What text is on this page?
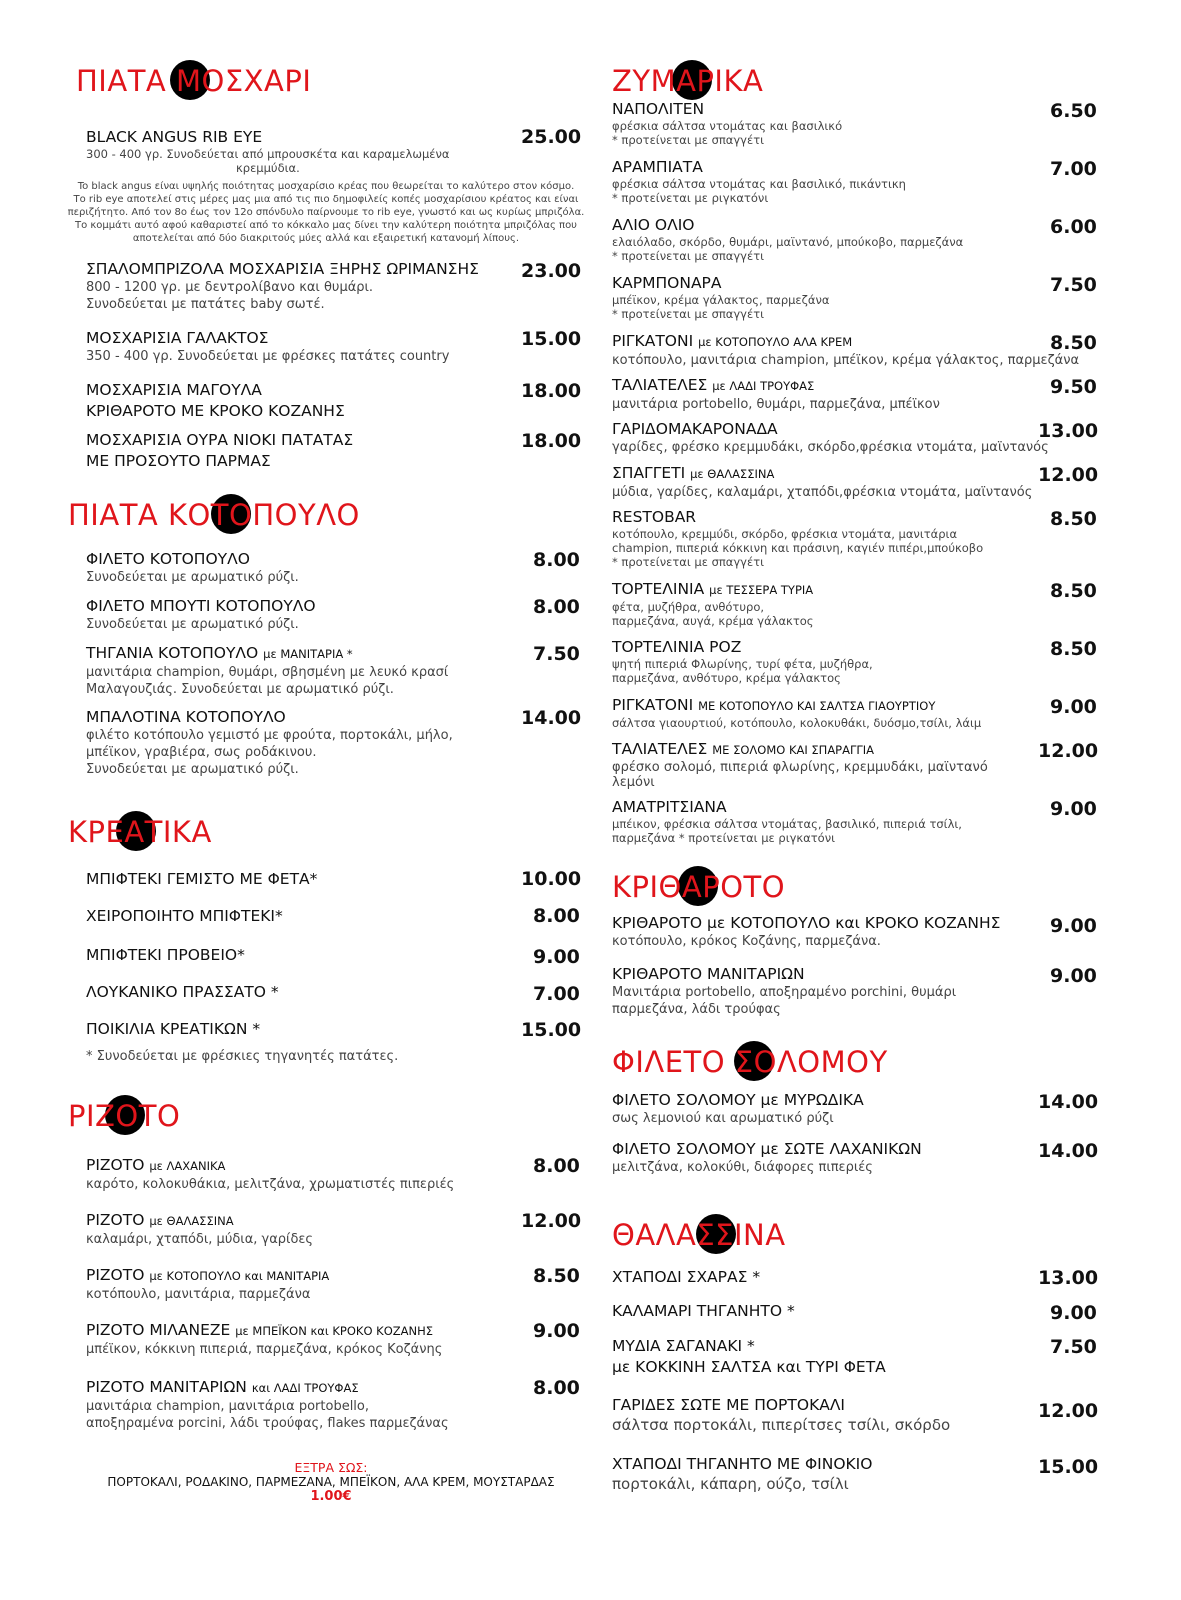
ΠΙΑΤΑ ΜΟΣΧΑΡΙ
BLACK ANGUS RIB EYE
300 - 400 γρ. Συνοδεύεται από μπρουσκέτα και καραμελωμένα
κρεμμύδια.
25.00
To black angus είναι υψηλής ποιότητας μοσχαρίσιο κρέας που θεωρείται το καλύτερο στον κόσμο.
Το rib eye αποτελεί στις μέρες μας μια από τις πιο δημοφιλείς κοπές μοσχαρίσιου κρέατος και είναι
περιζήτητο. Από τον 8ο έως τον 12ο σπόνδυλο παίρνουμε το rib eye, γνωστό και ως κυρίως μπριζόλα.
Το κομμάτι αυτό αφού καθαριστεί από το κόκκαλο μας δίνει την καλύτερη ποιότητα μπριζόλας που
αποτελείται από δύο διακριτούς μύες αλλά και εξαιρετική κατανομή λίπους.
ΣΠΑΛΟΜΠΡΙΖΟΛΑ ΜΟΣΧΑΡΙΣΙΑ ΞΗΡΗΣ ΩΡΙΜΑΝΣΗΣ
800 - 1200 γρ. με δεντρολίβανο και θυμάρι.
Συνοδεύεται με πατάτες baby σωτέ.
23.00
ΜΟΣΧΑΡΙΣΙΑ ΓΑΛΑΚΤΟΣ
350 - 400 γρ. Συνοδεύεται με φρέσκες πατάτες country
15.00
ΜΟΣΧΑΡΙΣΙΑ ΜΑΓΟΥΛΑ
ΚΡΙΘΑΡΟΤΟ ΜΕ ΚΡΟΚΟ ΚΟΖΑΝΗΣ
18.00
ΜΟΣΧΑΡΙΣΙΑ ΟΥΡΑ ΝΙΟΚΙ ΠΑΤΑΤΑΣ
ΜΕ ΠΡΟΣΟΥΤΟ ΠΑΡΜΑΣ
18.00
ΠΙΑΤΑ ΚΟΤΟΠΟΥΛΟ
ΦΙΛΕΤΟ ΚΟΤΟΠΟΥΛΟ
Συνοδεύεται με αρωματικό ρύζι.
8.00
ΦΙΛΕΤΟ ΜΠΟΥΤΙ ΚΟΤΟΠΟΥΛΟ
Συνοδεύεται με αρωματικό ρύζι.
8.00
ΤΗΓΑΝΙΑ ΚΟΤΟΠΟΥΛΟ με ΜΑΝΙΤΑΡΙΑ *
μανιτάρια champion, θυμάρι, σβησμένη με λευκό κρασί
Μαλαγουζιάς. Συνοδεύεται με αρωματικό ρύζι.
7.50
ΜΠΑΛΟΤΙΝΑ ΚΟΤΟΠΟΥΛΟ
φιλέτο κοτόπουλο γεμιστό με φρούτα, πορτοκάλι, μήλο,
μπέϊκον, γραβιέρα, σως ροδάκινου.
Συνοδεύεται με αρωματικό ρύζι.
14.00
ΚΡΕΑΤΙΚΑ
ΜΠΙΦΤΕΚΙ ΓΕΜΙΣΤΟ ΜΕ ΦΕΤΑ*	10.00
ΧΕΙΡΟΠΟΙΗΤΟ ΜΠΙΦΤΕΚΙ*	8.00
ΜΠΙΦΤΕΚΙ ΠΡΟΒΕΙΟ*	9.00
ΛΟΥΚΑΝΙΚΟ ΠΡΑΣΣΑΤΟ *	7.00
ΠΟΙΚΙΛΙΑ ΚΡΕΑΤΙΚΩΝ *	15.00
* Συνοδεύεται με φρέσκιες τηγανητές πατάτες.
ΡΙΖΟΤΟ
ΡΙΖΟΤΟ με ΛΑΧΑΝΙΚΑ
καρότο, κολοκυθάκια, μελιτζάνα, χρωματιστές πιπεριές
8.00
ΡΙΖΟΤΟ με ΘΑΛΑΣΣΙΝΑ
καλαμάρι, χταπόδι, μύδια, γαρίδες
12.00
ΡΙΖΟΤΟ με ΚΟΤΟΠΟΥΛΟ και ΜΑΝΙΤΑΡΙΑ
κοτόπουλο, μανιτάρια, παρμεζάνα
8.50
ΡΙΖΟΤΟ ΜΙΛΑΝΕΖΕ με ΜΠΕΪΚΟΝ και ΚΡΟΚΟ ΚΟΖΑΝΗΣ
μπέϊκον, κόκκινη πιπεριά, παρμεζάνα, κρόκος Κοζάνης
9.00
ΡΙΖΟΤΟ ΜΑΝΙΤΑΡΙΩΝ και ΛΑΔΙ ΤΡΟΥΦΑΣ
μανιτάρια champion, μανιτάρια portobello,
αποξηραμένα porcini, λάδι τρούφας, flakes παρμεζάνας
8.00
ΕΞΤΡΑ ΣΩΣ:
ΠΟΡΤΟΚΑΛΙ, ΡΟΔΑΚΙΝΟ, ΠΑΡΜΕΖΑΝΑ, ΜΠΕΪΚΟΝ, ΑΛΑ ΚΡΕΜ, ΜΟΥΣΤΑΡΔΑΣ
1.00€
ΖΥΜΑΡΙΚΑ
ΝΑΠΟΛΙΤΕΝ
φρέσκια σάλτσα ντομάτας και βασιλικό
* προτείνεται με σπαγγέτι
6.50
ΑΡΑΜΠΙΑΤΑ
φρέσκια σάλτσα ντομάτας και βασιλικό, πικάντικη
* προτείνεται με ριγκατόνι
7.00
ΑΛΙΟ ΟΛΙΟ
ελαιόλαδο, σκόρδο, θυμάρι, μαϊντανό, μπούκοβο, παρμεζάνα
* προτείνεται με σπαγγέτι
6.00
ΚΑΡΜΠΟΝΑΡΑ
μπέϊκον, κρέμα γάλακτος, παρμεζάνα
* προτείνεται με σπαγγέτι
7.50
ΡΙΓΚΑΤΟΝΙ με ΚΟΤΟΠΟΥΛΟ ΑΛΑ ΚΡΕΜ
κοτόπουλο, μανιτάρια champion, μπέϊκον, κρέμα γάλακτος, παρμεζάνα
8.50
ΤΑΛΙΑΤΕΛΕΣ με ΛΑΔΙ ΤΡΟΥΦΑΣ
μανιτάρια portobello, θυμάρι, παρμεζάνα, μπέϊκον
9.50
ΓΑΡΙΔΟΜΑΚΑΡΟΝΑΔΑ
γαρίδες, φρέσκο κρεμμυδάκι, σκόρδο,φρέσκια ντομάτα, μαϊντανός
13.00
ΣΠΑΓΓΕΤΙ με ΘΑΛΑΣΣΙΝΑ
μύδια, γαρίδες, καλαμάρι, χταπόδι,φρέσκια ντομάτα, μαϊντανός
12.00
RESTOBAR
κοτόπουλο, κρεμμύδι, σκόρδο, φρέσκια ντομάτα, μανιτάρια
champion, πιπεριά κόκκινη και πράσινη, καγιέν πιπέρι,μπούκοβο
* προτείνεται με σπαγγέτι
8.50
ΤΟΡΤΕΛΙΝΙΑ με ΤΕΣΣΕΡΑ ΤΥΡΙΑ
φέτα, μυζήθρα, ανθότυρο,
παρμεζάνα, αυγά, κρέμα γάλακτος
8.50
ΤΟΡΤΕΛΙΝΙΑ ΡΟΖ
ψητή πιπεριά Φλωρίνης, τυρί φέτα, μυζήθρα,
παρμεζάνα, ανθότυρο, κρέμα γάλακτος
8.50
ΡΙΓΚΑΤΟΝΙ ΜΕ ΚΟΤΟΠΟΥΛΟ ΚΑΙ ΣΑΛΤΣΑ ΓΙΑΟΥΡΤΙΟΥ
σάλτσα γιαουρτιού, κοτόπουλο, κολοκυθάκι, δυόσμο,τσίλι, λάιμ
9.00
ΤΑΛΙΑΤΕΛΕΣ ΜΕ ΣΟΛΟΜΟ ΚΑΙ ΣΠΑΡΑΓΓΙΑ
φρέσκο σολομό, πιπεριά φλωρίνης, κρεμμυδάκι, μαϊντανό
λεμόνι
12.00
ΑΜΑΤΡΙΤΣΙΑΝΑ
μπέικον, φρέσκια σάλτσα ντομάτας, βασιλικό, πιπεριά τσίλι,
παρμεζάνα * προτείνεται με ριγκατόνι
9.00
ΚΡΙΘΑΡΟΤΟ
ΚΡΙΘΑΡΟΤΟ με ΚΟΤΟΠΟΥΛΟ και ΚΡΟΚΟ ΚΟΖΑΝΗΣ
κοτόπουλο, κρόκος Κοζάνης, παρμεζάνα.
9.00
ΚΡΙΘΑΡΟΤΟ ΜΑΝΙΤΑΡΙΩΝ
Μανιτάρια portobello, αποξηραμένο porchini, θυμάρι
παρμεζάνα, λάδι τρούφας
9.00
ΦΙΛΕΤΟ ΣΟΛΟΜΟΥ
ΦΙΛΕΤΟ ΣΟΛΟΜΟΥ με ΜΥΡΩΔΙΚΑ
σως λεμονιού και αρωματικό ρύζι
14.00
ΦΙΛΕΤΟ ΣΟΛΟΜΟΥ με ΣΩΤΕ ΛΑΧΑΝΙΚΩΝ
μελιτζάνα, κολοκύθι, διάφορες πιπεριές
14.00
ΘΑΛΑΣΣΙΝΑ
ΧΤΑΠΟΔΙ ΣΧΑΡΑΣ *	13.00
ΚΑΛΑΜΑΡΙ ΤΗΓΑΝΗΤΟ *	9.00
ΜΥΔΙΑ ΣΑΓΑΝΑΚΙ *
με ΚΟΚΚΙΝΗ ΣΑΛΤΣΑ και ΤΥΡΙ ΦΕΤΑ
7.50
ΓΑΡΙΔΕΣ ΣΩΤΕ ΜΕ ΠΟΡΤΟΚΑΛΙ
σάλτσα πορτοκάλι, πιπερίτσες τσίλι, σκόρδο
12.00
ΧΤΑΠΟΔΙ ΤΗΓΑΝΗΤΟ ΜΕ ΦΙΝΟΚΙΟ
πορτοκάλι, κάπαρη, ούζο, τσίλι
15.00
